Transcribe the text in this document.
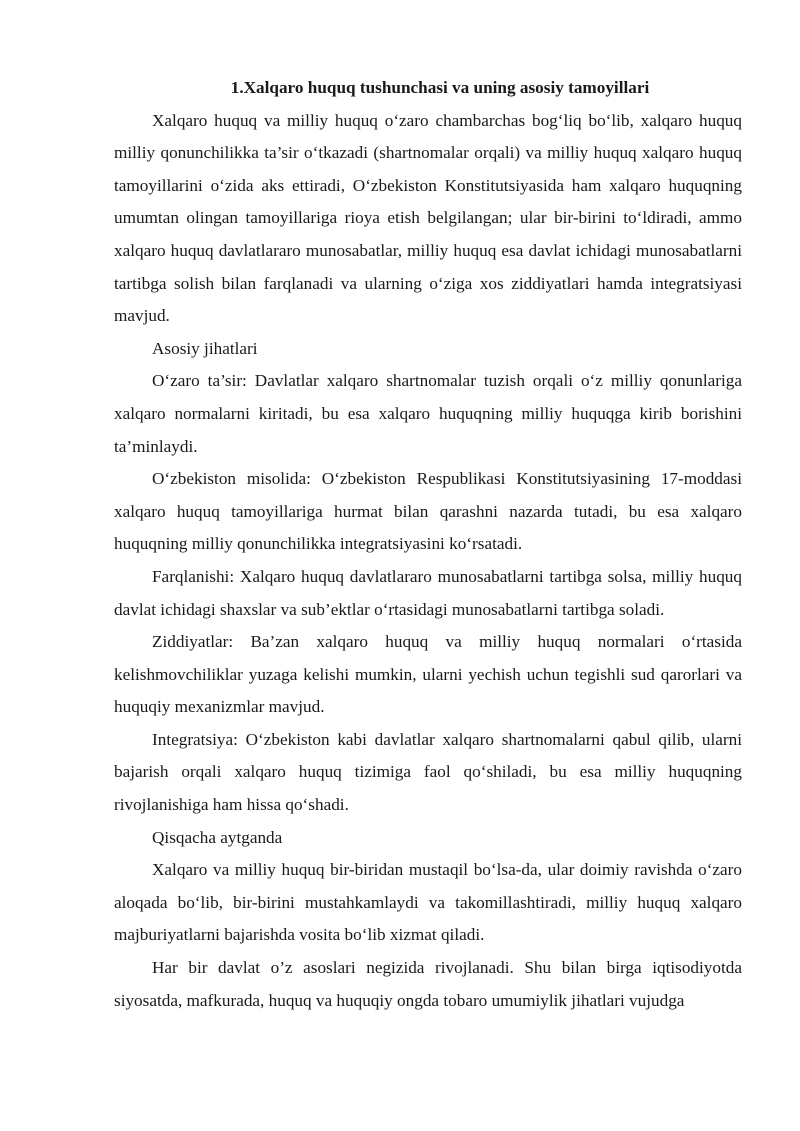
1.Xalqaro huquq tushunchasi va uning asosiy tamoyillari

Xalqaro huquq va milliy huquq o‘zaro chambarchas bog‘liq bo‘lib, xalqaro huquq milliy qonunchilikka ta’sir o‘tkazadi (shartnomalar orqali) va milliy huquq xalqaro huquq tamoyillarini o‘zida aks ettiradi, O‘zbekiston Konstitutsiyasida ham xalqaro huquqning umumtan olingan tamoyillariga rioya etish belgilangan; ular bir-birini to‘ldiradi, ammo xalqaro huquq davlatlararo munosabatlar, milliy huquq esa davlat ichidagi munosabatlarni tartibga solish bilan farqlanadi va ularning o‘ziga xos ziddiyatlari hamda integratsiyasi mavjud.

Asosiy jihatlari

O‘zaro ta’sir: Davlatlar xalqaro shartnomalar tuzish orqali o‘z milliy qonunlariga xalqaro normalarni kiritadi, bu esa xalqaro huquqning milliy huquqga kirib borishini ta’minlaydi.

O‘zbekiston misolida: O‘zbekiston Respublikasi Konstitutsiyasining 17-moddasi xalqaro huquq tamoyillariga hurmat bilan qarashni nazarda tutadi, bu esa xalqaro huquqning milliy qonunchilikka integratsiyasini ko‘rsatadi.

Farqlanishi: Xalqaro huquq davlatlararo munosabatlarni tartibga solsa, milliy huquq davlat ichidagi shaxslar va sub’ektlar o‘rtasidagi munosabatlarni tartibga soladi.

Ziddiyatlar: Ba’zan xalqaro huquq va milliy huquq normalari o‘rtasida kelishmovchiliklar yuzaga kelishi mumkin, ularni yechish uchun tegishli sud qarorlari va huquqiy mexanizmlar mavjud.

Integratsiya: O‘zbekiston kabi davlatlar xalqaro shartnomalarni qabul qilib, ularni bajarish orqali xalqaro huquq tizimiga faol qo‘shiladi, bu esa milliy huquqning rivojlanishiga ham hissa qo‘shadi.

Qisqacha aytganda

Xalqaro va milliy huquq bir-biridan mustaqil bo‘lsa-da, ular doimiy ravishda o‘zaro aloqada bo‘lib, bir-birini mustahkamlaydi va takomillashtiradi, milliy huquq xalqaro majburiyatlarni bajarishda vosita bo‘lib xizmat qiladi.

Har bir davlat o’z asoslari negizida rivojlanadi. Shu bilan birga iqtisodiyotda siyosatda, mafkurada, huquq va huquqiy ongda tobaro umumiylik jihatlari vujudga
